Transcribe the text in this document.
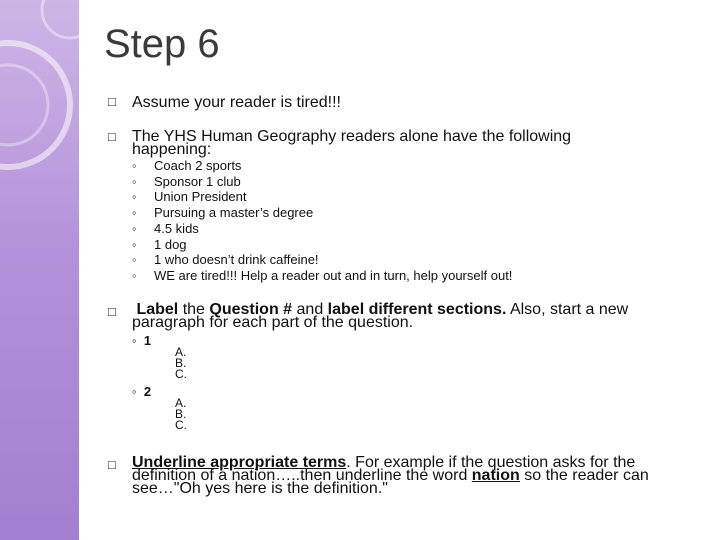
Step 6
□ Assume your reader is tired!!!
□ The YHS Human Geography readers alone have the following happening:
◦	Coach 2 sports
◦	Sponsor 1 club
◦	Union President
◦	Pursuing a master’s degree
◦	4.5 kids
◦	1 dog
◦	1 who doesn’t drink caffeine!
◦	WE are tired!!! Help a reader out and in turn, help yourself out!
□ Label the Question # and label different sections. Also, start a new paragraph for each part of the question.
◦ 1
A.
B.
C.
◦ 2
A.
B.
C.
□ Underline appropriate terms. For example if the question asks for the definition of a nation…..then underline the word nation so the reader can see…"Oh yes here is the definition."
